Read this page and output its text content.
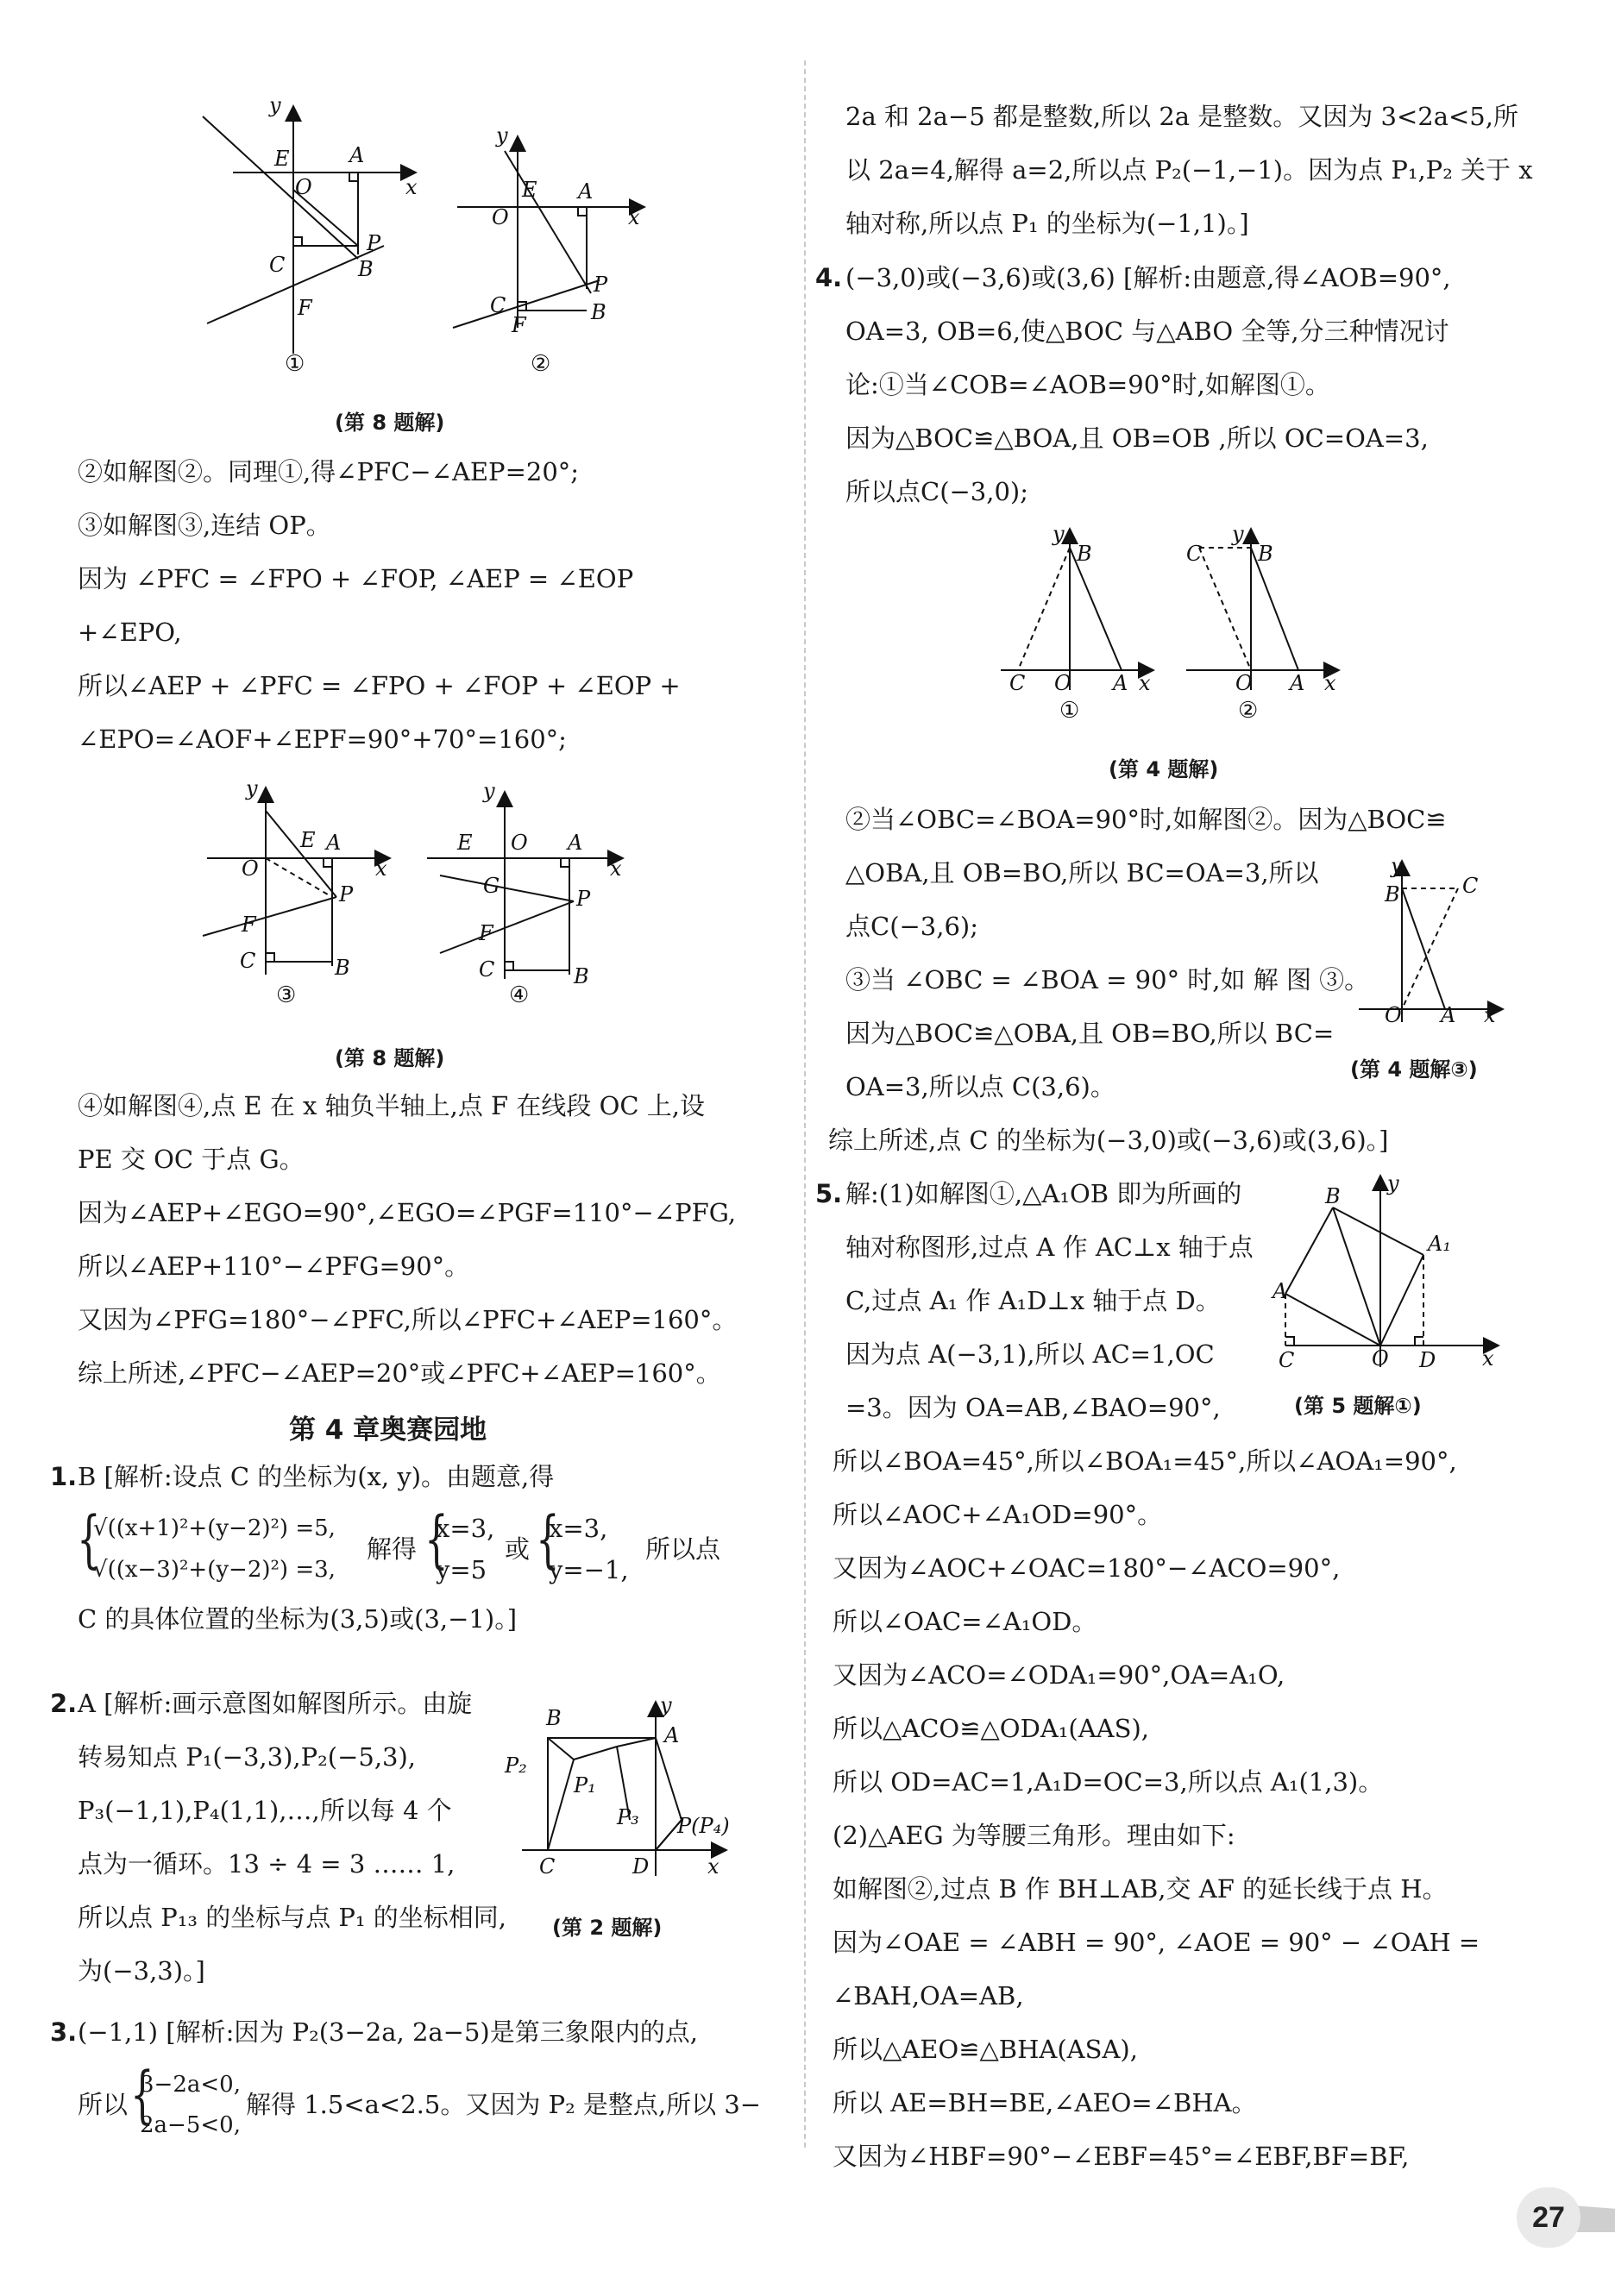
E	A
O	x
y
P
B
C
F
①
y
E A
O	x
P
B
C
F
②
(第 8 题解)
②如解图②。同理①,得∠PFC−∠AEP=20°;
③如解图③,连结 OP。
因为 ∠PFC = ∠FPO + ∠FOP, ∠AEP = ∠EOP
+∠EPO,
所以∠AEP + ∠PFC = ∠FPO + ∠FOP + ∠EOP +
∠EPO=∠AOF+∠EPF=90°+70°=160°;
y
E A
O	x
P
F
C	B
③
y
E O A
x
G
P
F
C	B
④
(第 8 题解)
④如解图④,点 E 在 x 轴负半轴上,点 F 在线段 OC 上,设
PE 交 OC 于点 G。
因为∠AEP+∠EGO=90°,∠EGO=∠PGF=110°−∠PFG,
所以∠AEP+110°−∠PFG=90°。
又因为∠PFG=180°−∠PFC,所以∠PFC+∠AEP=160°。
综上所述,∠PFC−∠AEP=20°或∠PFC+∠AEP=160°。
第 4 章奥赛园地
1. B [解析:设点 C 的坐标为(x, y)。由题意,得
{
√((x+1)²+(y−2)²) =5,
√((x−3)²+(y−2)²) =3,
解得 {
x=3,
y=5
或 {
x=3,
y=−1,
所以点
C 的具体位置的坐标为(3,5)或(3,−1)。]
2. A [解析:画示意图如解图所示。由旋
转易知点 P₁(−3,3),P₂(−5,3),
P₃(−1,1),P₄(1,1),…,所以每 4 个
点为一循环。13 ÷ 4 = 3 …… 1,
所以点 P₁₃ 的坐标与点 P₁ 的坐标相同,
为(−3,3)。]
B
A
y
P₂
P₁
P₃ P(P₄)
C	D	x
(第 2 题解)
3. (−1,1) [解析:因为 P₂(3−2a, 2a−5)是第三象限内的点,
所以 {
3−2a<0,
2a−5<0,
解得 1.5<a<2.5。又因为 P₂ 是整点,所以 3−
2a 和 2a−5 都是整数,所以 2a 是整数。又因为 3<2a<5,所
以 2a=4,解得 a=2,所以点 P₂(−1,−1)。因为点 P₁,P₂ 关于 x
轴对称,所以点 P₁ 的坐标为(−1,1)。]
4. (−3,0)或(−3,6)或(3,6) [解析:由题意,得∠AOB=90°,
OA=3, OB=6,使△BOC 与△ABO 全等,分三种情况讨
论:①当∠COB=∠AOB=90°时,如解图①。
因为△BOC≌△BOA,且 OB=OB ,所以 OC=OA=3,
所以点C(−3,0);
y
B
C O A x
①
y
B
C
O A x
②
(第 4 题解)
②当∠OBC=∠BOA=90°时,如解图②。因为△BOC≌
△OBA,且 OB=BO,所以 BC=OA=3,所以
点C(−3,6);
③当 ∠OBC = ∠BOA = 90° 时,如 解 图 ③。
因为△BOC≌△OBA,且 OB=BO,所以 BC=
OA=3,所以点 C(3,6)。
y
B	C
O A x
(第 4 题解③)
综上所述,点 C 的坐标为(−3,0)或(−3,6)或(3,6)。]
5. 解:(1)如解图①,△A₁OB 即为所画的
轴对称图形,过点 A 作 AC⊥x 轴于点
C,过点 A₁ 作 A₁D⊥x 轴于点 D。
因为点 A(−3,1),所以 AC=1,OC
=3。因为 OA=AB,∠BAO=90°,
B
y
A₁
A
O
C	D x
(第 5 题解①)
所以∠BOA=45°,所以∠BOA₁=45°,所以∠AOA₁=90°,
所以∠AOC+∠A₁OD=90°。
又因为∠AOC+∠OAC=180°−∠ACO=90°,
所以∠OAC=∠A₁OD。
又因为∠ACO=∠ODA₁=90°,OA=A₁O,
所以△ACO≌△ODA₁(AAS),
所以 OD=AC=1,A₁D=OC=3,所以点 A₁(1,3)。
(2)△AEG 为等腰三角形。理由如下:
如解图②,过点 B 作 BH⊥AB,交 AF 的延长线于点 H。
因为∠OAE = ∠ABH = 90°, ∠AOE = 90° − ∠OAH =
∠BAH,OA=AB,
所以△AEO≌△BHA(ASA),
所以 AE=BH=BE,∠AEO=∠BHA。
又因为∠HBF=90°−∠EBF=45°=∠EBF,BF=BF,
27
